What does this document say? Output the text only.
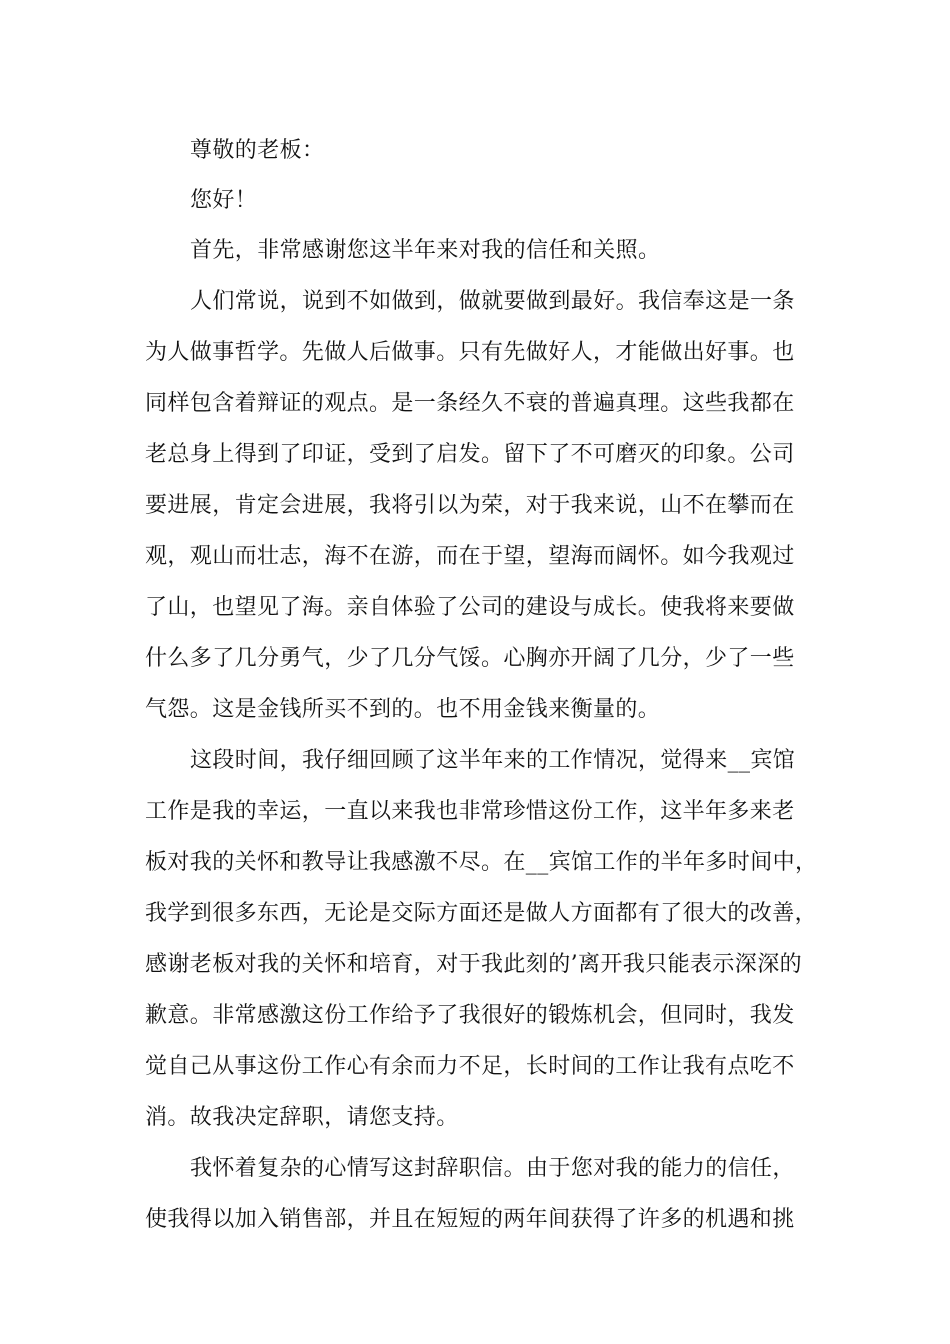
尊敬的老板：
您好！
首先，非常感谢您这半年来对我的信任和关照。
人们常说，说到不如做到，做就要做到最好。我信奉这是一条
为人做事哲学。先做人后做事。只有先做好人，才能做出好事。也
同样包含着辩证的观点。是一条经久不衰的普遍真理。这些我都在
老总身上得到了印证，受到了启发。留下了不可磨灭的印象。公司
要进展，肯定会进展，我将引以为荣，对于我来说，山不在攀而在
观，观山而壮志，海不在游，而在于望，望海而阔怀。如今我观过
了山，也望见了海。亲自体验了公司的建设与成长。使我将来要做
什么多了几分勇气，少了几分气馁。心胸亦开阔了几分，少了一些
气怨。这是金钱所买不到的。也不用金钱来衡量的。
这段时间，我仔细回顾了这半年来的工作情况，觉得来__宾馆
工作是我的幸运，一直以来我也非常珍惜这份工作，这半年多来老
板对我的关怀和教导让我感激不尽。在__宾馆工作的半年多时间中，
我学到很多东西，无论是交际方面还是做人方面都有了很大的改善，
感谢老板对我的关怀和培育，对于我此刻的’离开我只能表示深深的
歉意。非常感激这份工作给予了我很好的锻炼机会，但同时，我发
觉自己从事这份工作心有余而力不足，长时间的工作让我有点吃不
消。故我决定辞职，请您支持。
我怀着复杂的心情写这封辞职信。由于您对我的能力的信任，
使我得以加入销售部，并且在短短的两年间获得了许多的机遇和挑
